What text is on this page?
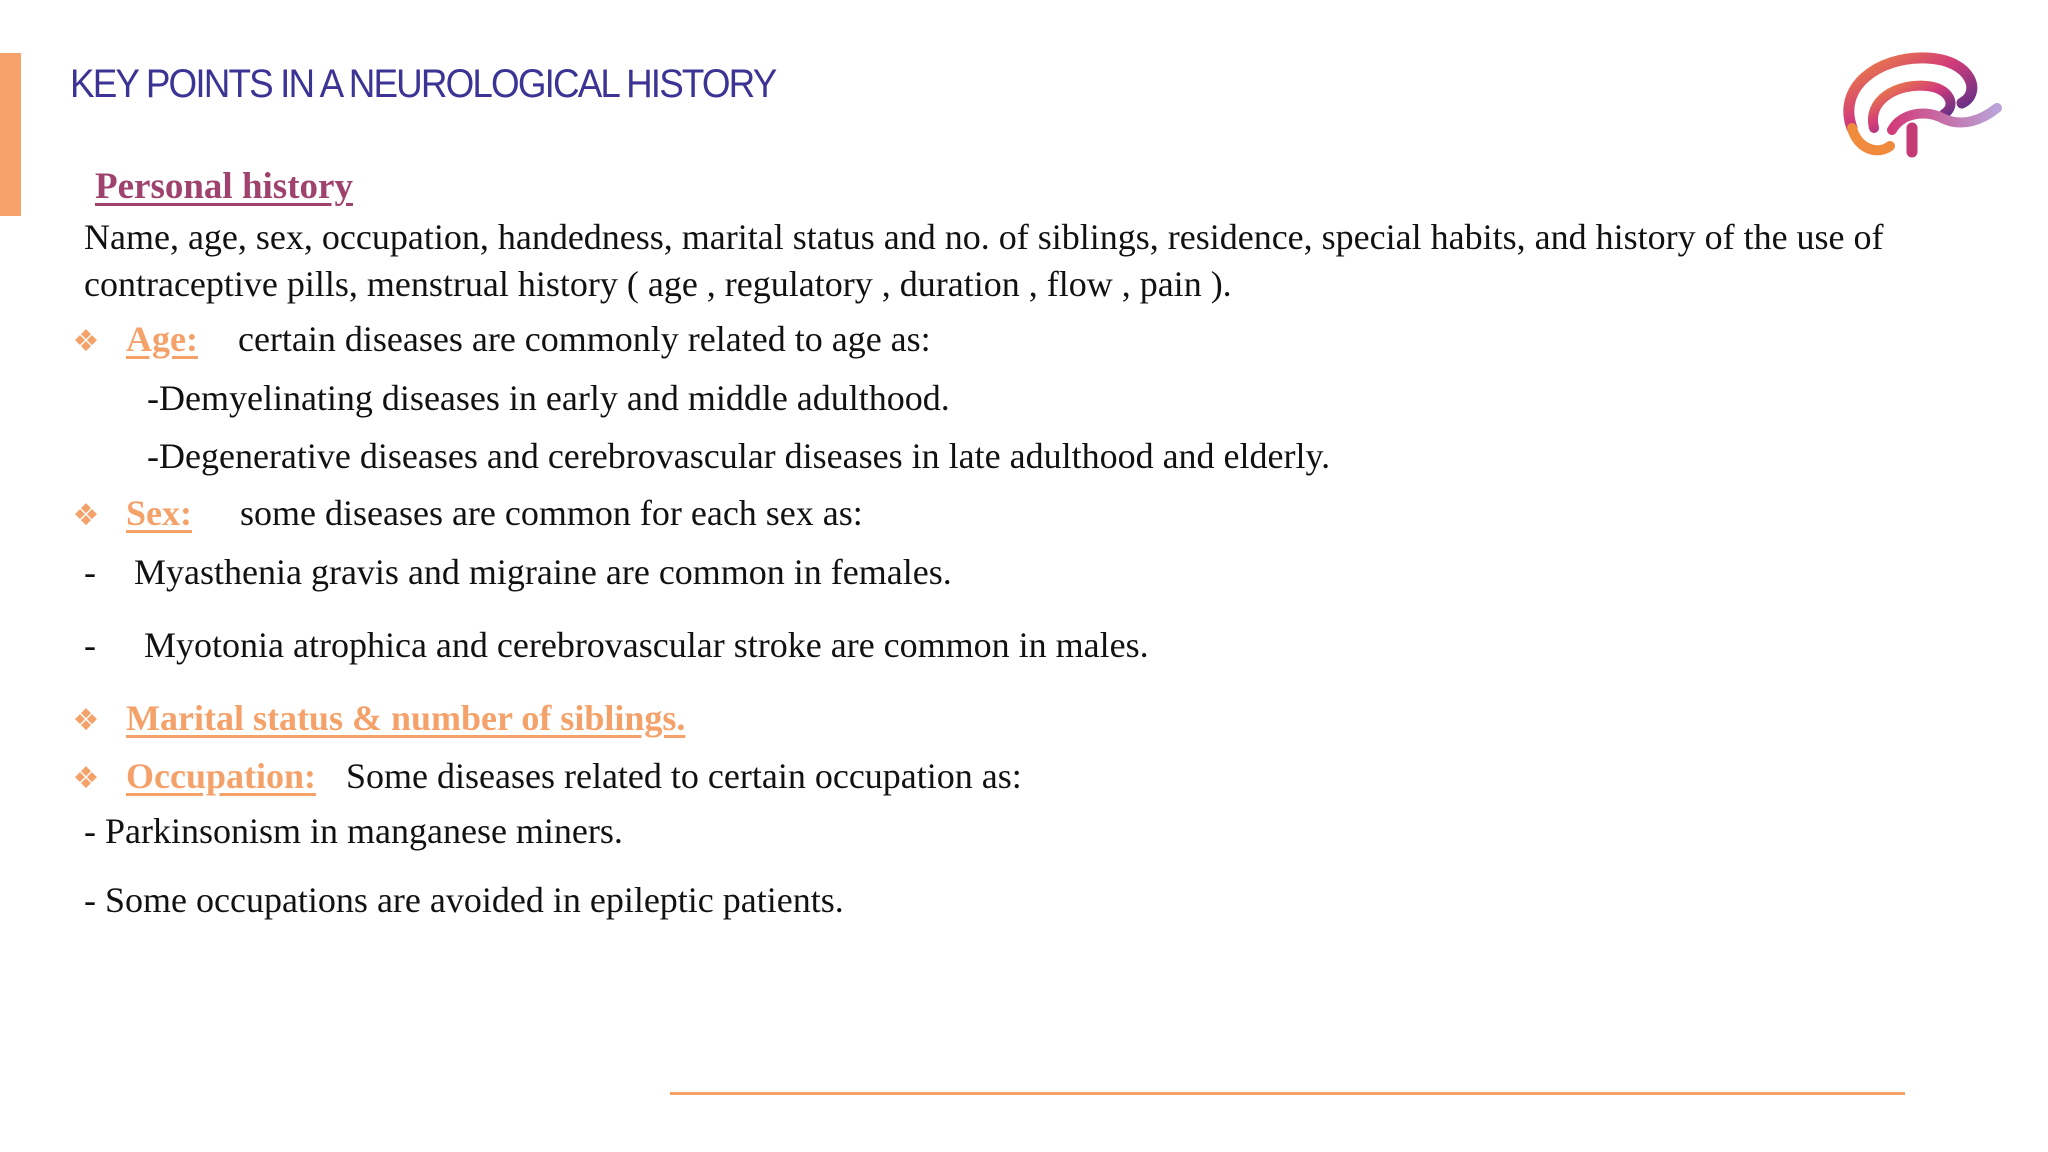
KEY POINTS IN A NEUROLOGICAL HISTORY
Personal history

Name, age, sex, occupation, handedness, marital status and no. of siblings, residence, special habits, and history of the use of contraceptive pills, menstrual history ( age , regulatory , duration , flow , pain ).

❖ Age: certain diseases are commonly related to age as:
-Demyelinating diseases in early and middle adulthood.
-Degenerative diseases and cerebrovascular diseases in late adulthood and elderly.
❖ Sex: some diseases are common for each sex as:
- Myasthenia gravis and migraine are common in females.
- Myotonia atrophica and cerebrovascular stroke are common in males.
❖ Marital status & number of siblings.
❖ Occupation: Some diseases related to certain occupation as:
- Parkinsonism in manganese miners.
- Some occupations are avoided in epileptic patients.
